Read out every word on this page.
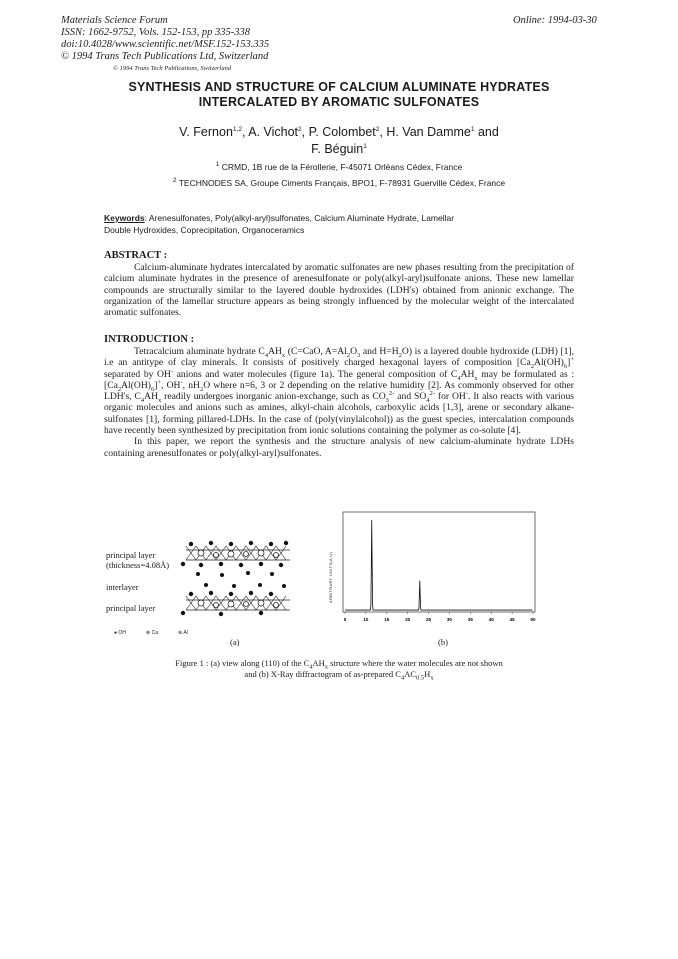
Materials Science Forum
ISSN: 1662-9752, Vols. 152-153, pp 335-338
doi:10.4028/www.scientific.net/MSF.152-153.335
© 1994 Trans Tech Publications Ltd, Switzerland
Online: 1994-03-30
© 1994 Trans Tech Publications, Switzerland
SYNTHESIS AND STRUCTURE OF CALCIUM ALUMINATE HYDRATES
INTERCALATED BY AROMATIC SULFONATES
V. Fernon$^{1,2}$, A. Vichot$^2$, P. Colombet$^2$, H. Van Damme$^1$ and
F. Béguin$^1$
$^1$ CRMD, 1B rue de la Férollerie, F-45071 Orléans Cédex, France
$^2$ TECHNODES SA, Groupe Ciments Français, BPO1, F-78931 Guerville Cédex, France
Keywords: Arenesulfonates, Poly(alkyl-aryl)sulfonates, Calcium Aluminate Hydrate, Lamellar
Double Hydroxides, Coprecipitation, Organoceramics
ABSTRACT :

Calcium-aluminate hydrates intercalated by aromatic sulfonates are new phases resulting from the precipitation of calcium aluminate hydrates in the presence of arenesulfonate or poly(alkyl-aryl)sulfonate anions. These new lamellar compounds are structurally similar to the layered double hydroxides (LDH's) obtained from anionic exchange. The organization of the lamellar structure appears as being strongly influenced by the molecular weight of the intercalated aromatic sulfonates.

INTRODUCTION :

Tetracalcium aluminate hydrate $C_4AH_x$ (C=CaO, $A=Al_2O_3$ and $H=H_2O$) is a layered double hydroxide (LDH) [1], i.e an antitype of clay minerals. It consists of positively charged hexagonal layers of composition $[Ca_2Al(OH)_6]^+$ separated by OH- anions and water molecules (figure 1a). The general composition of $C_4AH_x$ may be formulated as : $[Ca_2Al(OH)_6]^+$, OH-, $nH_2O$ where n=6, 3 or 2 depending on the relative humidity [2]. As commonly observed for other LDH's, $C_4AH_x$ readily undergoes inorganic anion-exchange, such as $CO_3^{2-}$ and $SO_4^{2-}$ for OH-. It also reacts with various organic molecules and anions such as amines, alkyl-chain alcohols, carboxylic acids [1,3], arene or secondary alkane-sulfonates [1], forming pillared-LDHs. In the case of (poly(vinylalcohol)) as the guest species, intercalation compounds have recently been synthesized by precipitation from ionic solutions containing the polymer as co-solute [4].

In this paper, we report the synthesis and the structure analysis of new calcium-aluminate hydrate LDHs containing arenesulfonates or poly(alkyl-aryl)sulfonates.

principal layer
(thickness=4.08Å)
interlayer
principal layer
● OH	⊗ Ca	⊛ Al
(a)
ARBITRARY UNITS(A.U)
5	10	15	20	25	30	35	40	45	50
(b)
Figure 1 : (a) view along (110) of the $C_4AH_x$ structure where the water molecules are not shown
and (b) X-Ray diffractogram of as-prepared $C_4AC_{0.5}H_x$
